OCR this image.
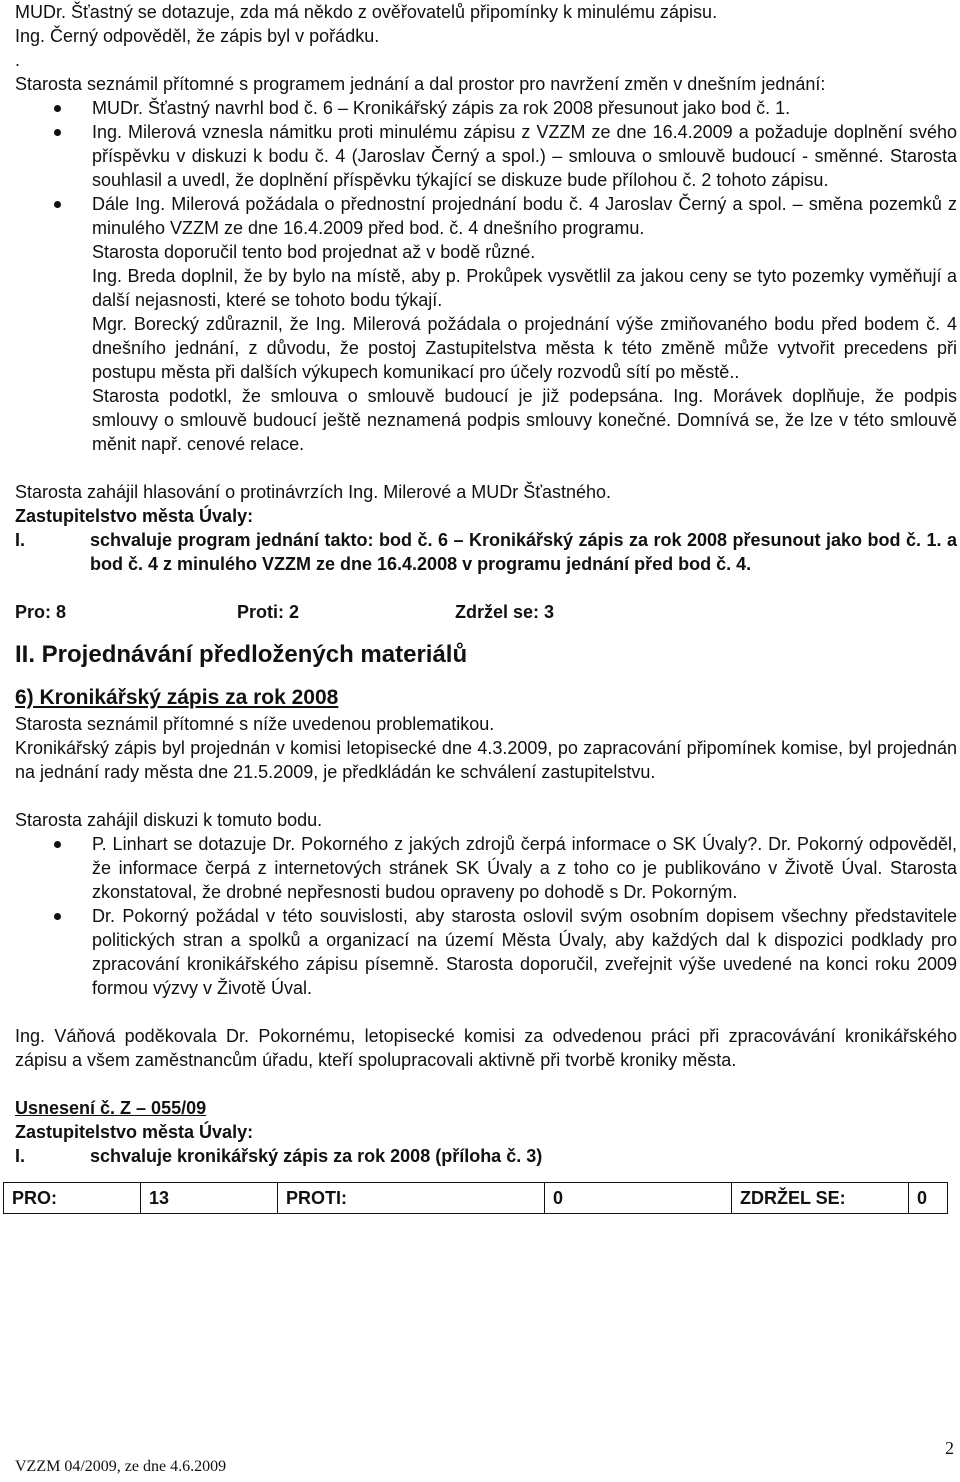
MUDr. Šťastný se dotazuje, zda má někdo z ověřovatelů připomínky k minulému zápisu.
Ing. Černý odpověděl, že zápis byl v pořádku.
.
Starosta seznámil přítomné s programem jednání a dal prostor pro navržení změn v dnešním jednání:
MUDr. Šťastný navrhl bod č. 6 – Kronikářský zápis za rok 2008 přesunout jako bod č. 1.
Ing. Milerová vznesla námitku proti minulému zápisu z VZZM ze dne 16.4.2009 a požaduje doplnění svého příspěvku v diskuzi k bodu č. 4 (Jaroslav Černý a spol.) – smlouva o smlouvě budoucí - směnné. Starosta souhlasil a uvedl, že doplnění příspěvku týkající se diskuze bude přílohou č. 2 tohoto zápisu.
Dále Ing. Milerová požádala o přednostní projednání bodu č. 4 Jaroslav Černý a spol. – směna pozemků z minulého VZZM ze dne 16.4.2009 před bod. č. 4 dnešního programu.

Starosta doporučil tento bod projednat až v bodě různé.

Ing. Breda doplnil, že by bylo na místě, aby p. Prokůpek vysvětlil za jakou ceny se tyto pozemky vyměňují a další nejasnosti, které se tohoto bodu týkají.

Mgr. Borecký zdůraznil, že Ing. Milerová požádala o projednání výše zmiňovaného bodu před bodem č. 4 dnešního jednání, z důvodu, že postoj Zastupitelstva města k této změně může vytvořit precedens při postupu města při dalších výkupech komunikací pro účely rozvodů sítí po městě..

Starosta podotkl, že smlouva o smlouvě budoucí je již podepsána. Ing. Morávek doplňuje, že podpis smlouvy o smlouvě budoucí ještě neznamená podpis smlouvy konečné. Domnívá se, že lze v této smlouvě měnit např. cenové relace.

Starosta zahájil hlasování o protinávrzích Ing. Milerové a MUDr Šťastného.

Zastupitelstvo města Úvaly:

I.	schvaluje program jednání takto: bod č. 6 – Kronikářský zápis za rok 2008 přesunout jako bod č. 1. a bod č. 4 z minulého VZZM ze dne 16.4.2008 v programu jednání před bod č. 4.
Pro: 8	Proti: 2	Zdržel se: 3
II. Projednávání předložených materiálů
6) Kronikářský zápis za rok 2008

Starosta seznámil přítomné s níže uvedenou problematikou.

Kronikářský zápis byl projednán v komisi letopisecké dne 4.3.2009, po zapracování připomínek komise, byl projednán na jednání rady města dne 21.5.2009, je předkládán ke schválení zastupitelstvu.

Starosta zahájil diskuzi k tomuto bodu.

P. Linhart se dotazuje Dr. Pokorného z jakých zdrojů čerpá informace o SK Úvaly?. Dr. Pokorný odpověděl, že informace čerpá z internetových stránek SK Úvaly a z toho co je publikováno v Životě Úval. Starosta zkonstatoval, že drobné nepřesnosti budou opraveny po dohodě s Dr. Pokorným.
Dr. Pokorný požádal v této souvislosti, aby starosta oslovil svým osobním dopisem všechny představitele politických stran a spolků a organizací na území Města Úvaly, aby každých dal k dispozici podklady pro zpracování kronikářského zápisu písemně. Starosta doporučil, zveřejnit výše uvedené na konci roku 2009 formou výzvy v Životě Úval.

Ing. Váňová poděkovala Dr. Pokornému, letopisecké komisi za odvedenou práci při zpracovávání kronikářského zápisu a všem zaměstnancům úřadu, kteří spolupracovali aktivně při tvorbě kroniky města.

Usnesení č. Z – 055/09

Zastupitelstvo města Úvaly:

I.	schvaluje kronikářský zápis za rok 2008 (příloha č. 3)
PRO:	13	PROTI:	0	ZDRŽEL SE:	0
2
VZZM 04/2009, ze dne 4.6.2009
